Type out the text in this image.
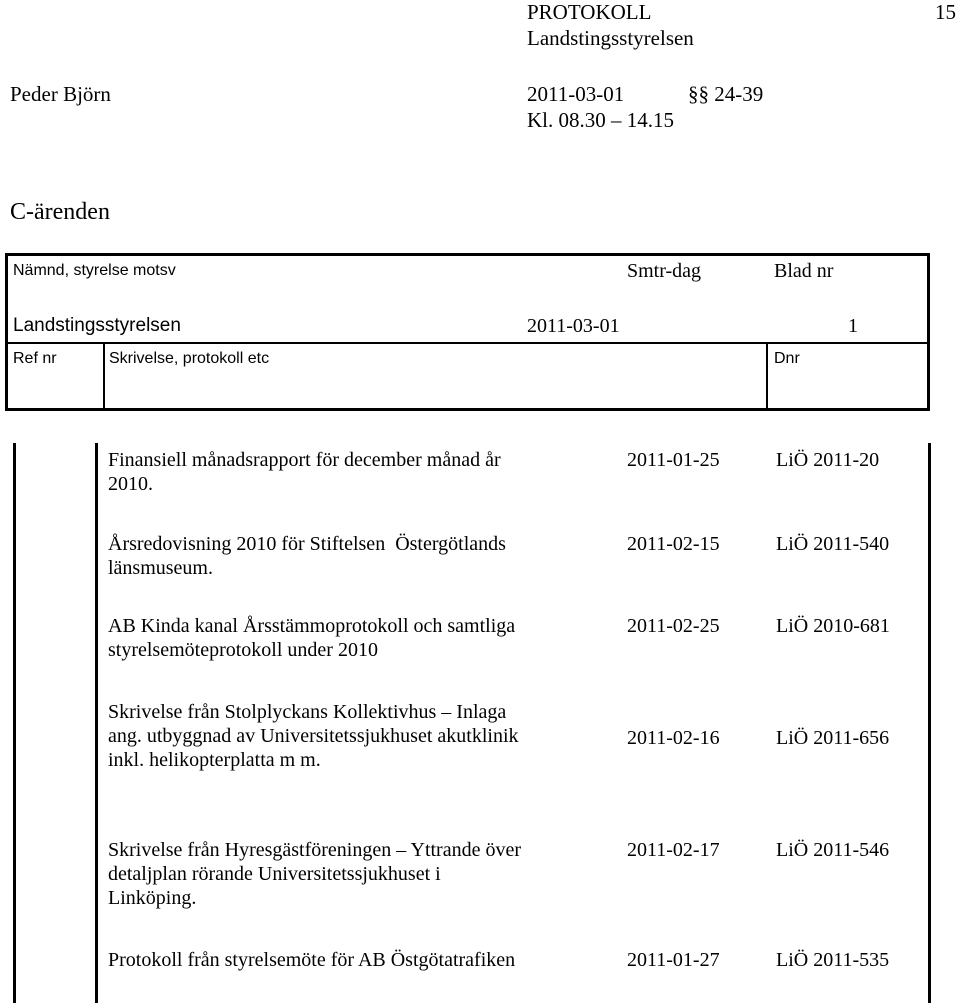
PROTOKOLL
Landstingsstyrelsen
15
Peder Björn	2011-03-01	§§ 24-39
Kl. 08.30 – 14.15
C-ärenden
Nämnd, styrelse motsv	Smtr-dag	Blad nr
Landstingsstyrelsen	2011-03-01	1
Ref nr	Skrivelse, protokoll etc	Dnr
Finansiell månadsrapport för december månad år
2010.
2011-01-25	LiÖ 2011-20
Årsredovisning 2010 för Stiftelsen  Östergötlands
länsmuseum.
2011-02-15	LiÖ 2011-540
AB Kinda kanal Årsstämmoprotokoll och samtliga
styrelsemöteprotokoll under 2010
2011-02-25	LiÖ 2010-681
Skrivelse från Stolplyckans Kollektivhus – Inlaga
ang. utbyggnad av Universitetssjukhuset akutklinik
inkl. helikopterplatta m m.
2011-02-16	LiÖ 2011-656
Skrivelse från Hyresgästföreningen – Yttrande över
detaljplan rörande Universitetssjukhuset i
Linköping.
2011-02-17	LiÖ 2011-546
Protokoll från styrelsemöte för AB Östgötatrafiken	2011-01-27	LiÖ 2011-535
